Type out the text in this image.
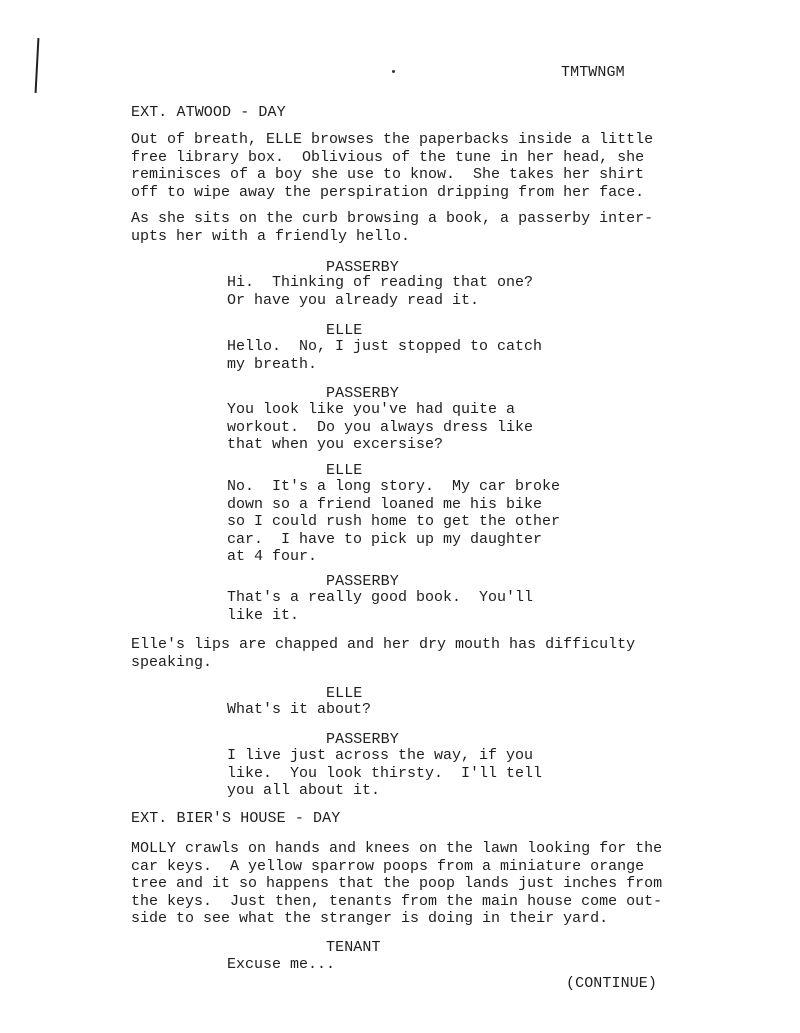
TMTWNGM
EXT. ATWOOD - DAY
Out of breath, ELLE browses the paperbacks inside a little
free library box.  Oblivious of the tune in her head, she
reminisces of a boy she use to know.  She takes her shirt
off to wipe away the perspiration dripping from her face.
As she sits on the curb browsing a book, a passerby inter-
upts her with a friendly hello.
PASSERBY
Hi.  Thinking of reading that one?
Or have you already read it.
ELLE
Hello.  No, I just stopped to catch
my breath.
PASSERBY
You look like you've had quite a
workout.  Do you always dress like
that when you excersise?
ELLE
No.  It's a long story.  My car broke
down so a friend loaned me his bike
so I could rush home to get the other
car.  I have to pick up my daughter
at 4 four.
PASSERBY
That's a really good book.  You'll
like it.
Elle's lips are chapped and her dry mouth has difficulty
speaking.
ELLE
What's it about?
PASSERBY
I live just across the way, if you
like.  You look thirsty.  I'll tell
you all about it.
EXT. BIER'S HOUSE - DAY
MOLLY crawls on hands and knees on the lawn looking for the
car keys.  A yellow sparrow poops from a miniature orange
tree and it so happens that the poop lands just inches from
the keys.  Just then, tenants from the main house come out-
side to see what the stranger is doing in their yard.
TENANT
Excuse me...
(CONTINUE)
